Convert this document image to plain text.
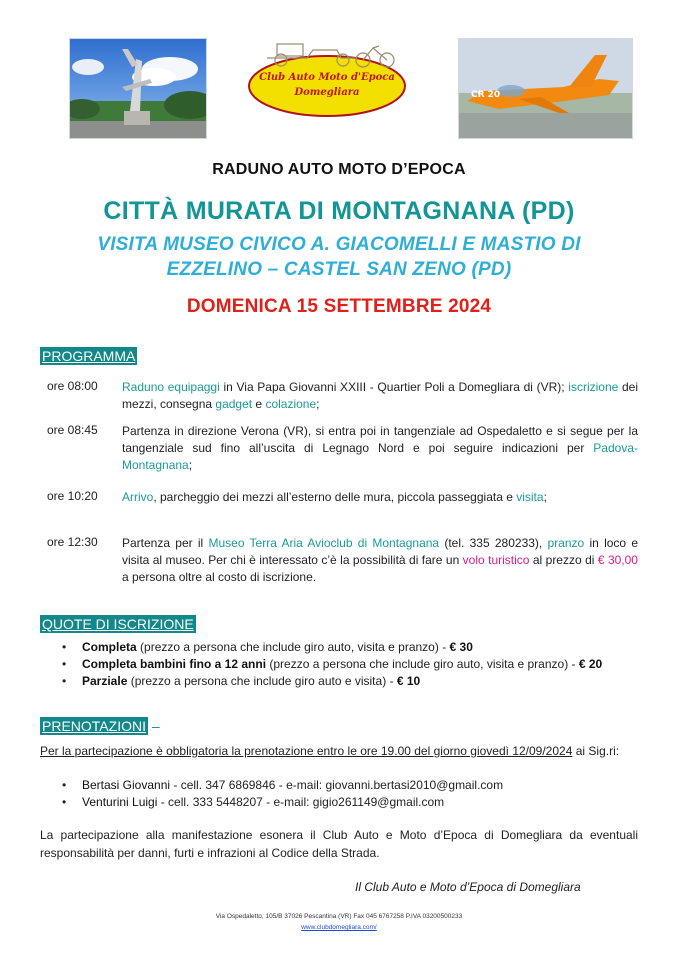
Club Auto Moto d'Epoca
Domegliara	CR 20
RADUNO AUTO MOTO D’EPOCA
CITTÀ MURATA DI MONTAGNANA (PD)
VISITA MUSEO CIVICO A. GIACOMELLI E MASTIO DI
EZZELINO – CASTEL SAN ZENO (PD)
DOMENICA 15 SETTEMBRE 2024
PROGRAMMA
ore 08:00	Raduno equipaggi in Via Papa Giovanni XXIII - Quartier Poli a Domegliara di (VR); iscrizione dei mezzi, consegna gadget e colazione;
ore 08:45	Partenza in direzione Verona (VR), si entra poi in tangenziale ad Ospedaletto e si segue per la tangenziale sud fino all’uscita di Legnago Nord e poi seguire indicazioni per Padova-Montagnana;
ore 10:20	Arrivo, parcheggio dei mezzi all’esterno delle mura, piccola passeggiata e visita;
ore 12:30	Partenza per il Museo Terra Aria Avioclub di Montagnana (tel. 335 280233), pranzo in loco e visita al museo. Per chi è interessato c’è la possibilità di fare un volo turistico al prezzo di € 30,00 a persona oltre al costo di iscrizione.
QUOTE DI ISCRIZIONE
• Completa (prezzo a persona che include giro auto, visita e pranzo) - € 30
• Completa bambini fino a 12 anni (prezzo a persona che include giro auto, visita e pranzo) - € 20
• Parziale (prezzo a persona che include giro auto e visita) - € 10
PRENOTAZIONI –
Per la partecipazione è obbligatoria la prenotazione entro le ore 19.00 del giorno giovedì 12/09/2024 ai Sig.ri:
• Bertasi Giovanni - cell. 347 6869846 - e-mail: giovanni.bertasi2010@gmail.com
• Venturini Luigi - cell. 333 5448207 - e-mail: gigio261149@gmail.com
La partecipazione alla manifestazione esonera il Club Auto e Moto d’Epoca di Domegliara da eventuali responsabilità per danni, furti e infrazioni al Codice della Strada.
Il Club Auto e Moto d’Epoca di Domegliara
Via Ospedaletto, 105/B 37026 Pescantina (VR) Fax 045 6767258 P.IVA 03200500233
www.clubdomegliara.com/
